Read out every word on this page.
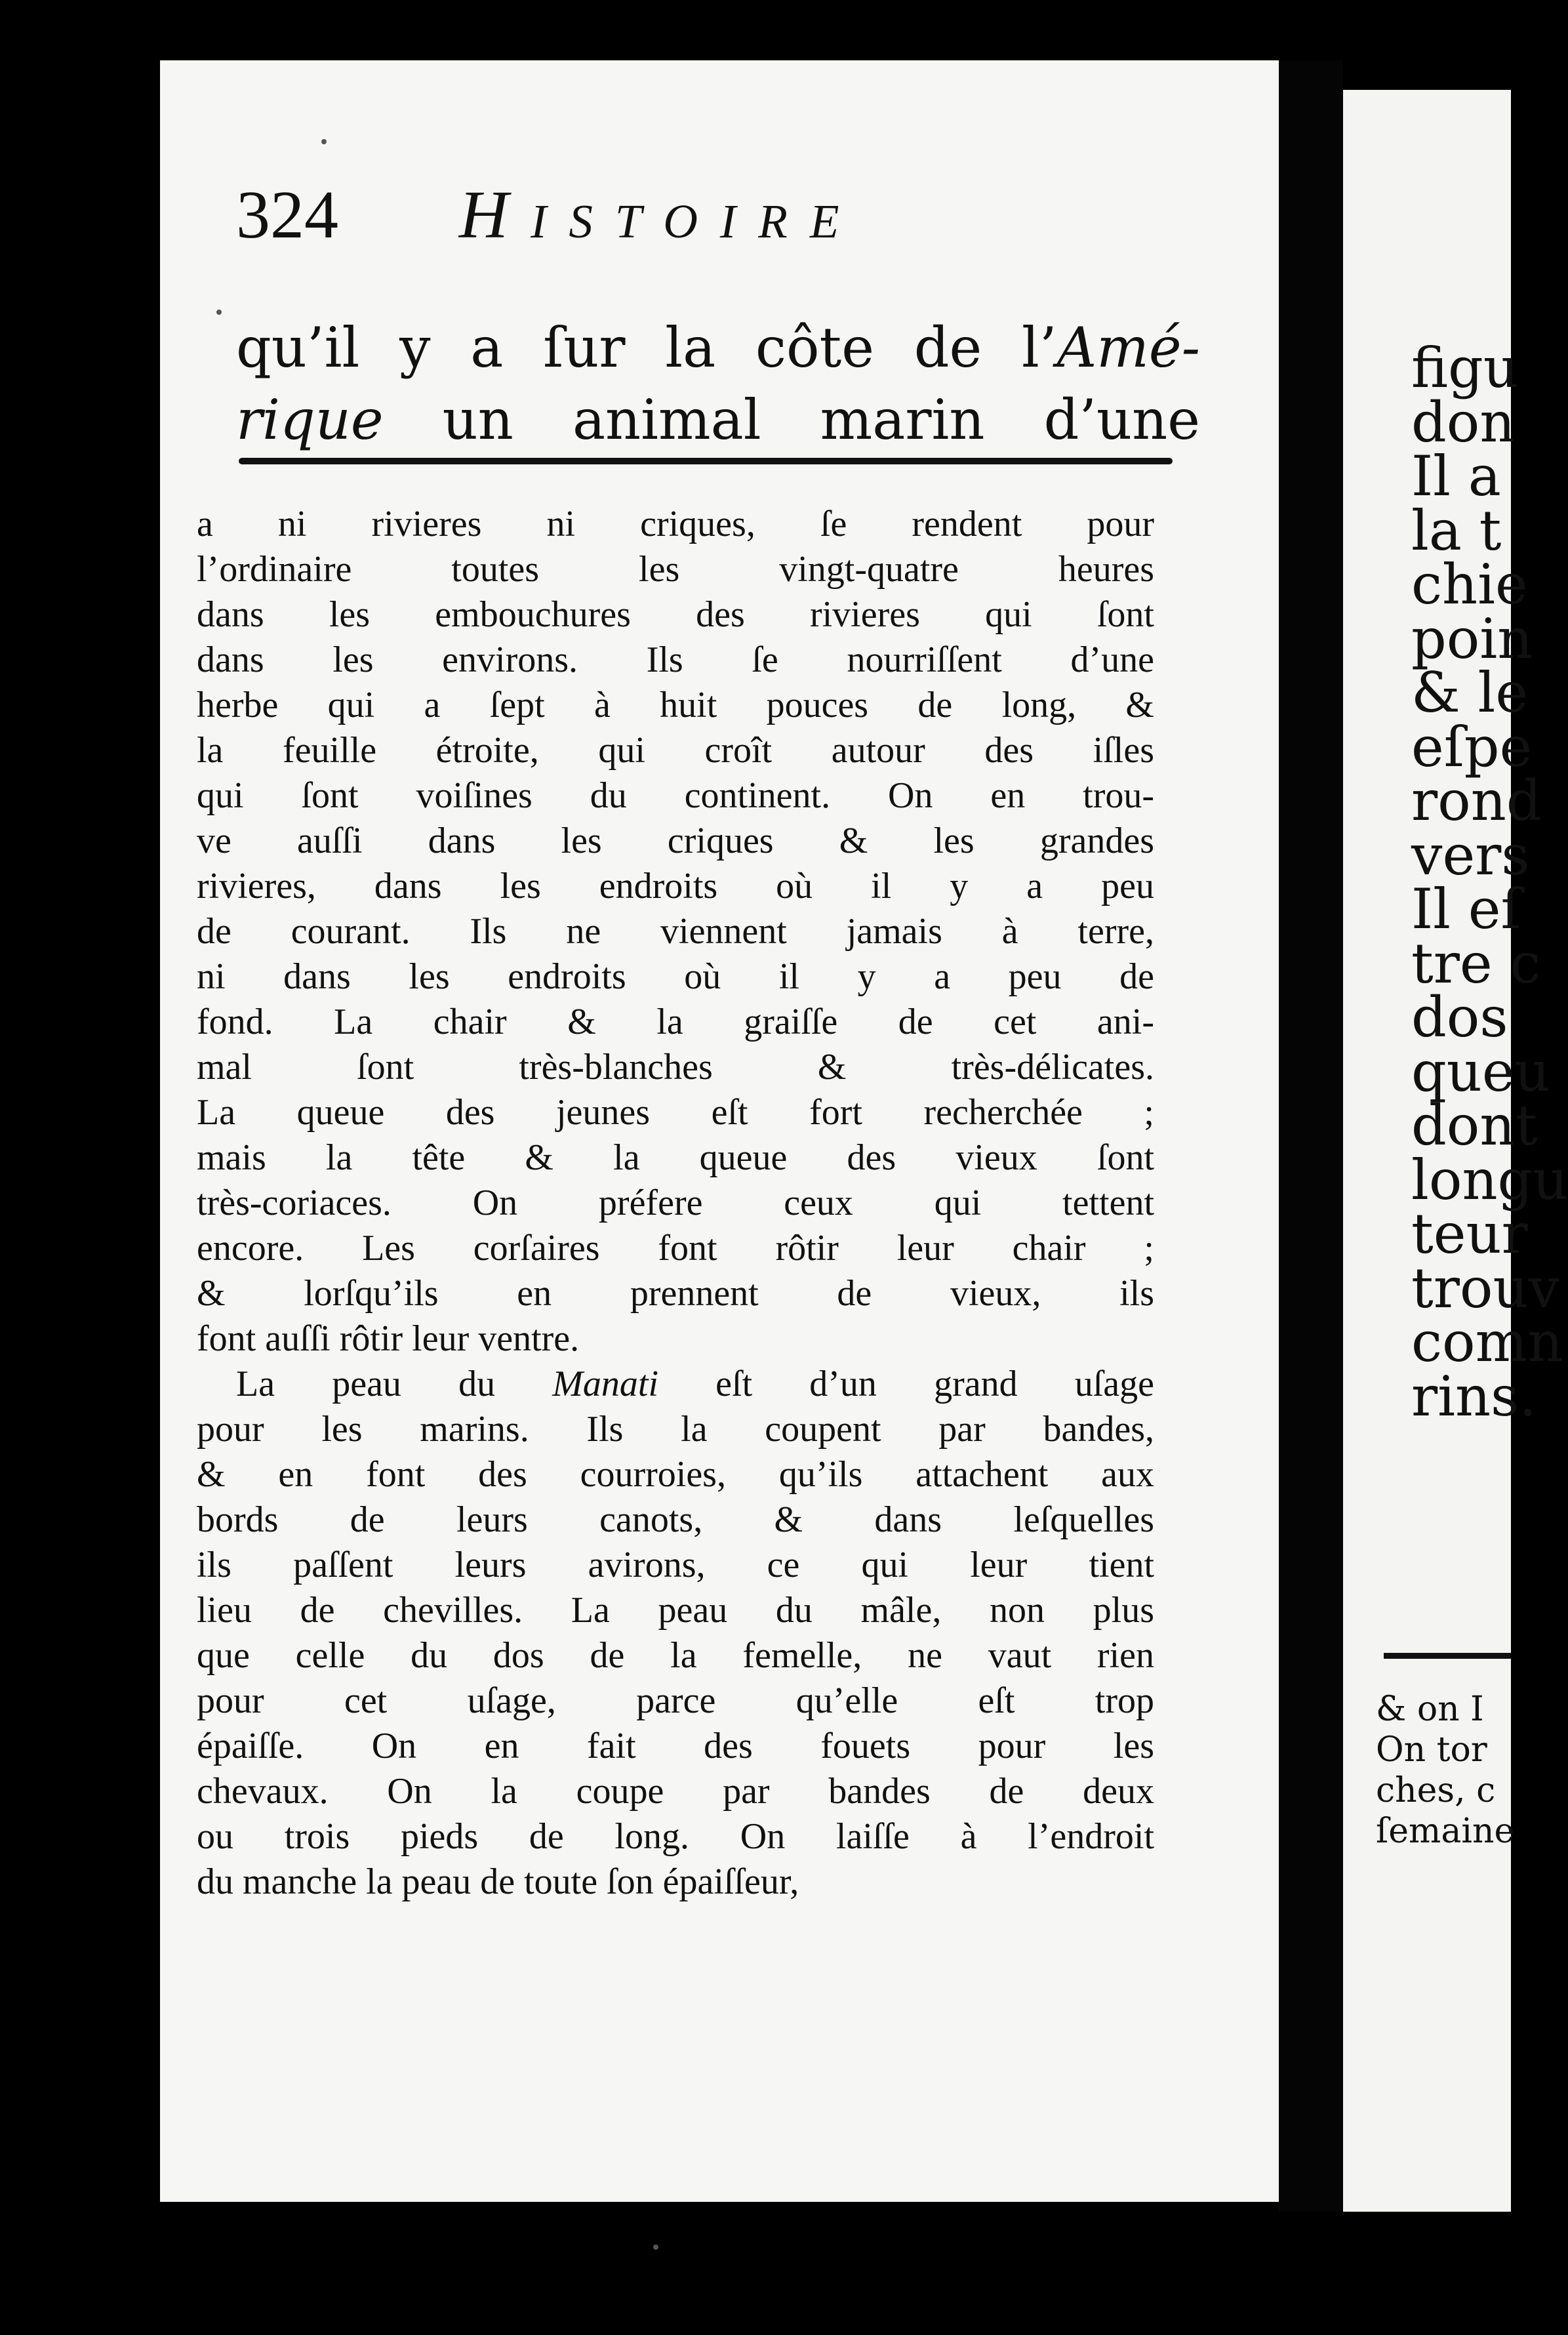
324 Histoire
qu’il y a ſur la côte de l’Amé-
rique un animal marin d’une
a ni rivieres ni criques, ſe rendent pour
l’ordinaire toutes les vingt-quatre heures
dans les embouchures des rivieres qui ſont
dans les environs. Ils ſe nourriſſent d’une
herbe qui a ſept à huit pouces de long, &
la feuille étroite, qui croît autour des iſles
qui ſont voiſines du continent. On en trou-
ve auſſi dans les criques & les grandes
rivieres, dans les endroits où il y a peu
de courant. Ils ne viennent jamais à terre,
ni dans les endroits où il y a peu de
fond. La chair & la graiſſe de cet ani-
mal ſont très-blanches & très-délicates.
La queue des jeunes eſt fort recherchée ;
mais la tête & la queue des vieux ſont
très-coriaces. On préfere ceux qui tettent
encore. Les corſaires font rôtir leur chair ;
& lorſqu’ils en prennent de vieux, ils
font auſſi rôtir leur ventre.
La peau du Manati eſt d’un grand uſage
pour les marins. Ils la coupent par bandes,
& en font des courroies, qu’ils attachent aux
bords de leurs canots, & dans leſquelles
ils paſſent leurs avirons, ce qui leur tient
lieu de chevilles. La peau du mâle, non plus
que celle du dos de la femelle, ne vaut rien
pour cet uſage, parce qu’elle eſt trop
épaiſſe. On en fait des fouets pour les
chevaux. On la coupe par bandes de deux
ou trois pieds de long. On laiſſe à l’endroit
du manche la peau de toute ſon épaiſſeur,
figu
don
Il a
la t
chie
poin
& le
eſpe
rond
vers
Il eſ
tre c
dos
queu
dont
longu
teur
trouv
comn
rins.
& on I
On tor
ches, c
ſemaine
